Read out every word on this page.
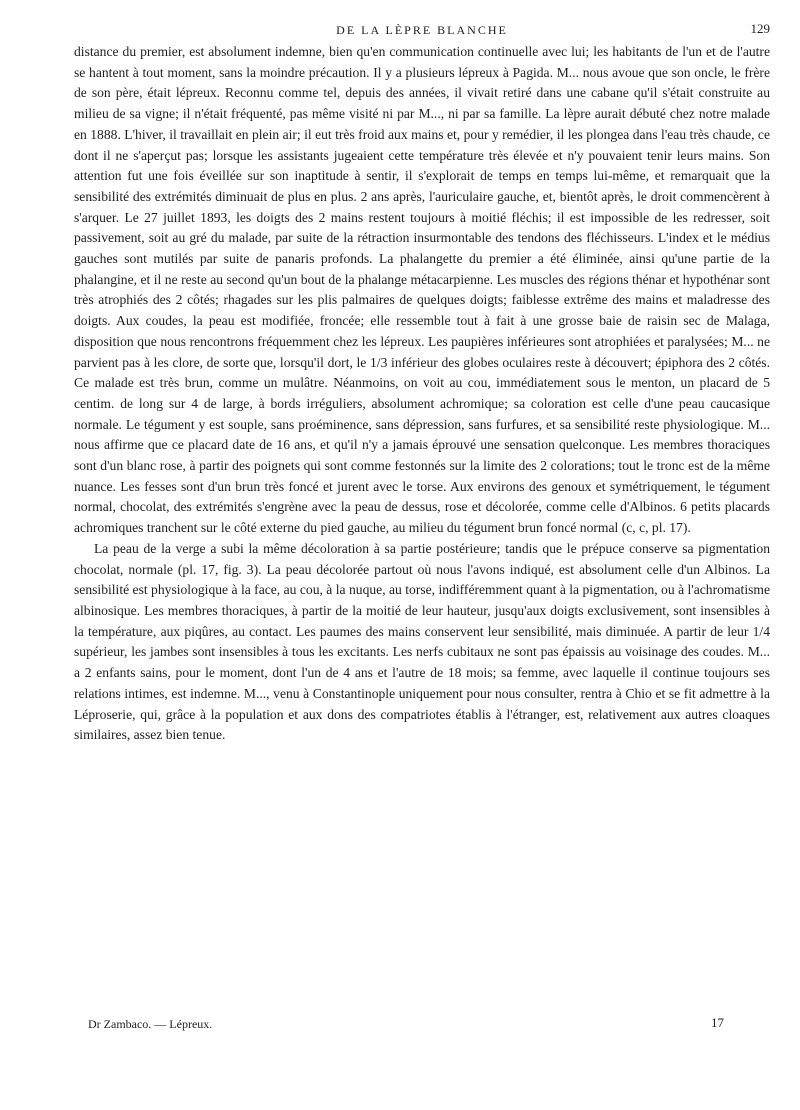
DE LA LÈPRE BLANCHE	129

distance du premier, est absolument indemne, bien qu'en communication continuelle avec lui; les habitants de l'un et de l'autre se hantent à tout moment, sans la moindre précaution. Il y a plusieurs lépreux à Pagida. M... nous avoue que son oncle, le frère de son père, était lépreux. Reconnu comme tel, depuis des années, il vivait retiré dans une cabane qu'il s'était construite au milieu de sa vigne; il n'était fréquenté, pas même visité ni par M..., ni par sa famille. La lèpre aurait débuté chez notre malade en 1888. L'hiver, il travaillait en plein air; il eut très froid aux mains et, pour y remédier, il les plongea dans l'eau très chaude, ce dont il ne s'aperçut pas; lorsque les assistants jugeaient cette température très élevée et n'y pouvaient tenir leurs mains. Son attention fut une fois éveillée sur son inaptitude à sentir, il s'explorait de temps en temps lui-même, et remarquait que la sensibilité des extrémités diminuait de plus en plus. 2 ans après, l'auriculaire gauche, et, bientôt après, le droit commencèrent à s'arquer. Le 27 juillet 1893, les doigts des 2 mains restent toujours à moitié fléchis; il est impossible de les redresser, soit passivement, soit au gré du malade, par suite de la rétraction insurmontable des tendons des fléchisseurs. L'index et le médius gauches sont mutilés par suite de panaris profonds. La phalangette du premier a été éliminée, ainsi qu'une partie de la phalangine, et il ne reste au second qu'un bout de la phalange métacarpienne. Les muscles des régions thénar et hypothénar sont très atrophiés des 2 côtés; rhagades sur les plis palmaires de quelques doigts; faiblesse extrême des mains et maladresse des doigts. Aux coudes, la peau est modifiée, froncée; elle ressemble tout à fait à une grosse baie de raisin sec de Malaga, disposition que nous rencontrons fréquemment chez les lépreux. Les paupières inférieures sont atrophiées et paralysées; M... ne parvient pas à les clore, de sorte que, lorsqu'il dort, le 1/3 inférieur des globes oculaires reste à découvert; épiphora des 2 côtés. Ce malade est très brun, comme un mulâtre. Néanmoins, on voit au cou, immédiatement sous le menton, un placard de 5 centim. de long sur 4 de large, à bords irréguliers, absolument achromique; sa coloration est celle d'une peau caucasique normale. Le tégument y est souple, sans proéminence, sans dépression, sans furfures, et sa sensibilité reste physiologique. M... nous affirme que ce placard date de 16 ans, et qu'il n'y a jamais éprouvé une sensation quelconque. Les membres thoraciques sont d'un blanc rose, à partir des poignets qui sont comme festonnés sur la limite des 2 colorations; tout le tronc est de la même nuance. Les fesses sont d'un brun très foncé et jurent avec le torse. Aux environs des genoux et symétriquement, le tégument normal, chocolat, des extrémités s'engrène avec la peau de dessus, rose et décolorée, comme celle d'Albinos. 6 petits placards achromiques tranchent sur le côté externe du pied gauche, au milieu du tégument brun foncé normal (c, c, pl. 17).

La peau de la verge a subi la même décoloration à sa partie postérieure; tandis que le prépuce conserve sa pigmentation chocolat, normale (pl. 17, fig. 3). La peau décolorée partout où nous l'avons indiqué, est absolument celle d'un Albinos. La sensibilité est physiologique à la face, au cou, à la nuque, au torse, indifféremment quant à la pigmentation, ou à l'achromatisme albinosique. Les membres thoraciques, à partir de la moitié de leur hauteur, jusqu'aux doigts exclusivement, sont insensibles à la température, aux piqûres, au contact. Les paumes des mains conservent leur sensibilité, mais diminuée. A partir de leur 1/4 supérieur, les jambes sont insensibles à tous les excitants. Les nerfs cubitaux ne sont pas épaissis au voisinage des coudes. M... a 2 enfants sains, pour le moment, dont l'un de 4 ans et l'autre de 18 mois; sa femme, avec laquelle il continue toujours ses relations intimes, est indemne. M..., venu à Constantinople uniquement pour nous consulter, rentra à Chio et se fit admettre à la Léproserie, qui, grâce à la population et aux dons des compatriotes établis à l'étranger, est, relativement aux autres cloaques similaires, assez bien tenue.

Dr Zambaco. — Lépreux.	17
